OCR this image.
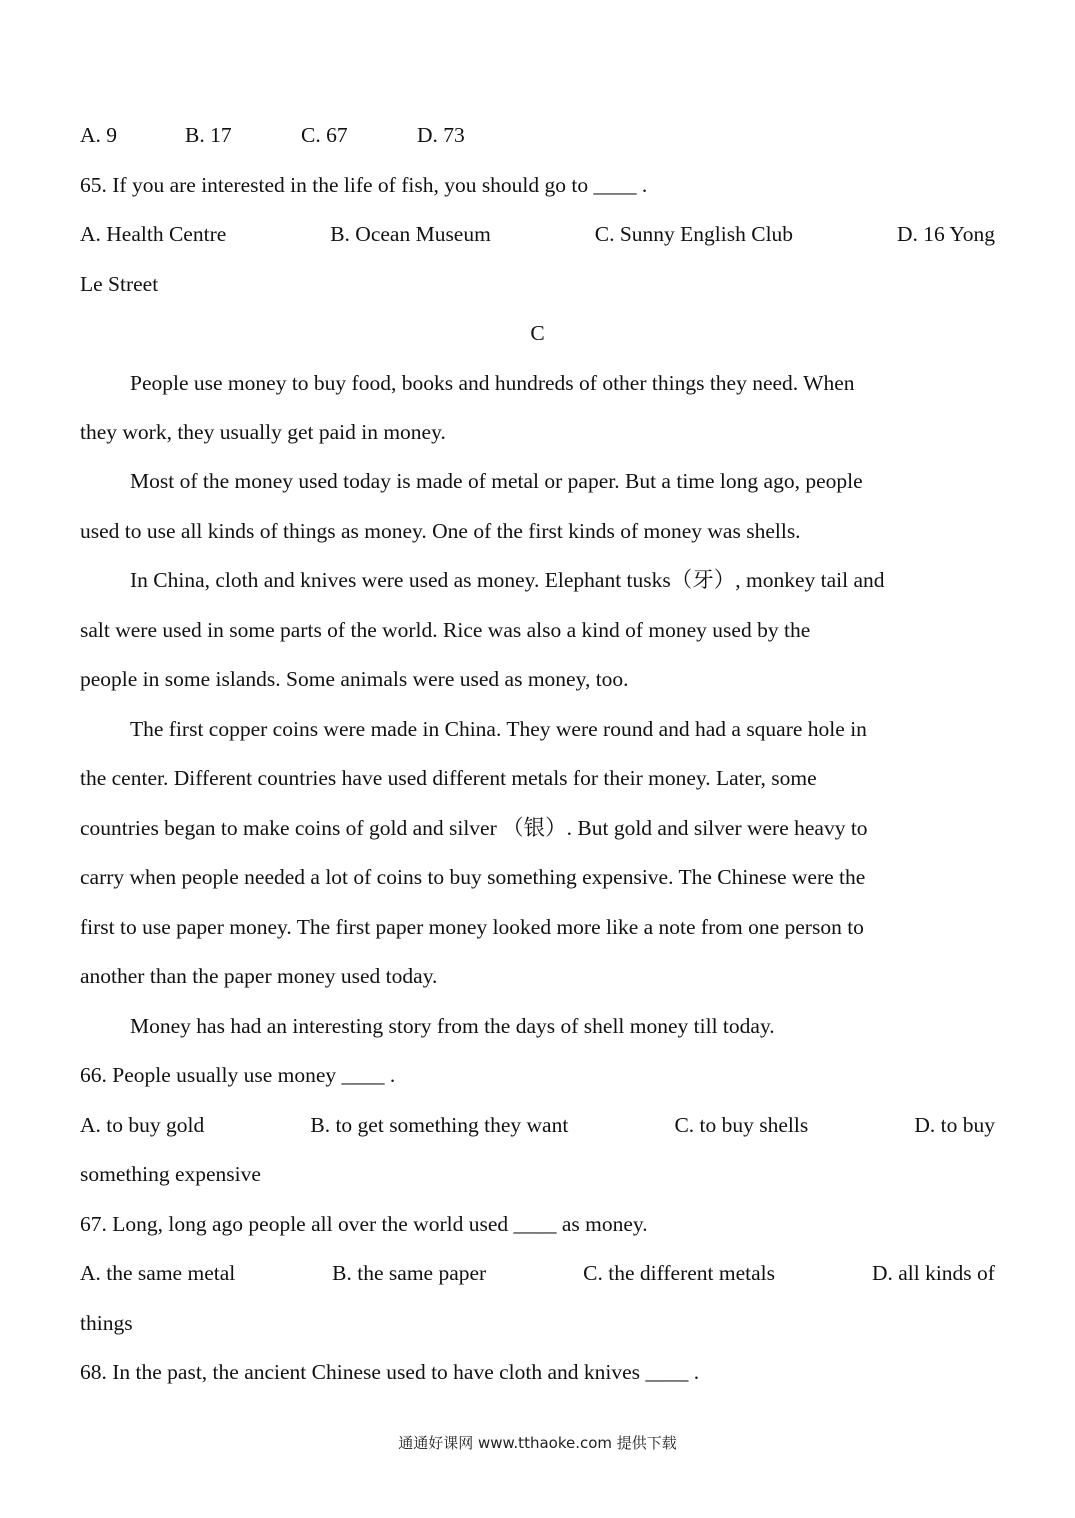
A. 9	B. 17	C. 67	D. 73
65. If you are interested in the life of fish, you should go to ____ .
A. Health Centre	B. Ocean Museum	C. Sunny English Club	D. 16 Yong
Le Street
C
People use money to buy food, books and hundreds of other things they need. When
they work, they usually get paid in money.
Most of the money used today is made of metal or paper. But a time long ago, people
used to use all kinds of things as money. One of the first kinds of money was shells.
In China, cloth and knives were used as money. Elephant tusks（牙）, monkey tail and
salt were used in some parts of the world. Rice was also a kind of money used by the
people in some islands. Some animals were used as money, too.
The first copper coins were made in China. They were round and had a square hole in
the center. Different countries have used different metals for their money. Later, some
countries began to make coins of gold and silver （银）. But gold and silver were heavy to
carry when people needed a lot of coins to buy something expensive. The Chinese were the
first to use paper money. The first paper money looked more like a note from one person to
another than the paper money used today.
Money has had an interesting story from the days of shell money till today.
66. People usually use money ____ .
A. to buy gold	B. to get something they want	C. to buy shells	D. to buy
something expensive
67. Long, long ago people all over the world used ____ as money.
A. the same metal	B. the same paper	C. the different metals	D. all kinds of
things
68. In the past, the ancient Chinese used to have cloth and knives ____ .
通通好课网 www.tthaoke.com 提供下载
